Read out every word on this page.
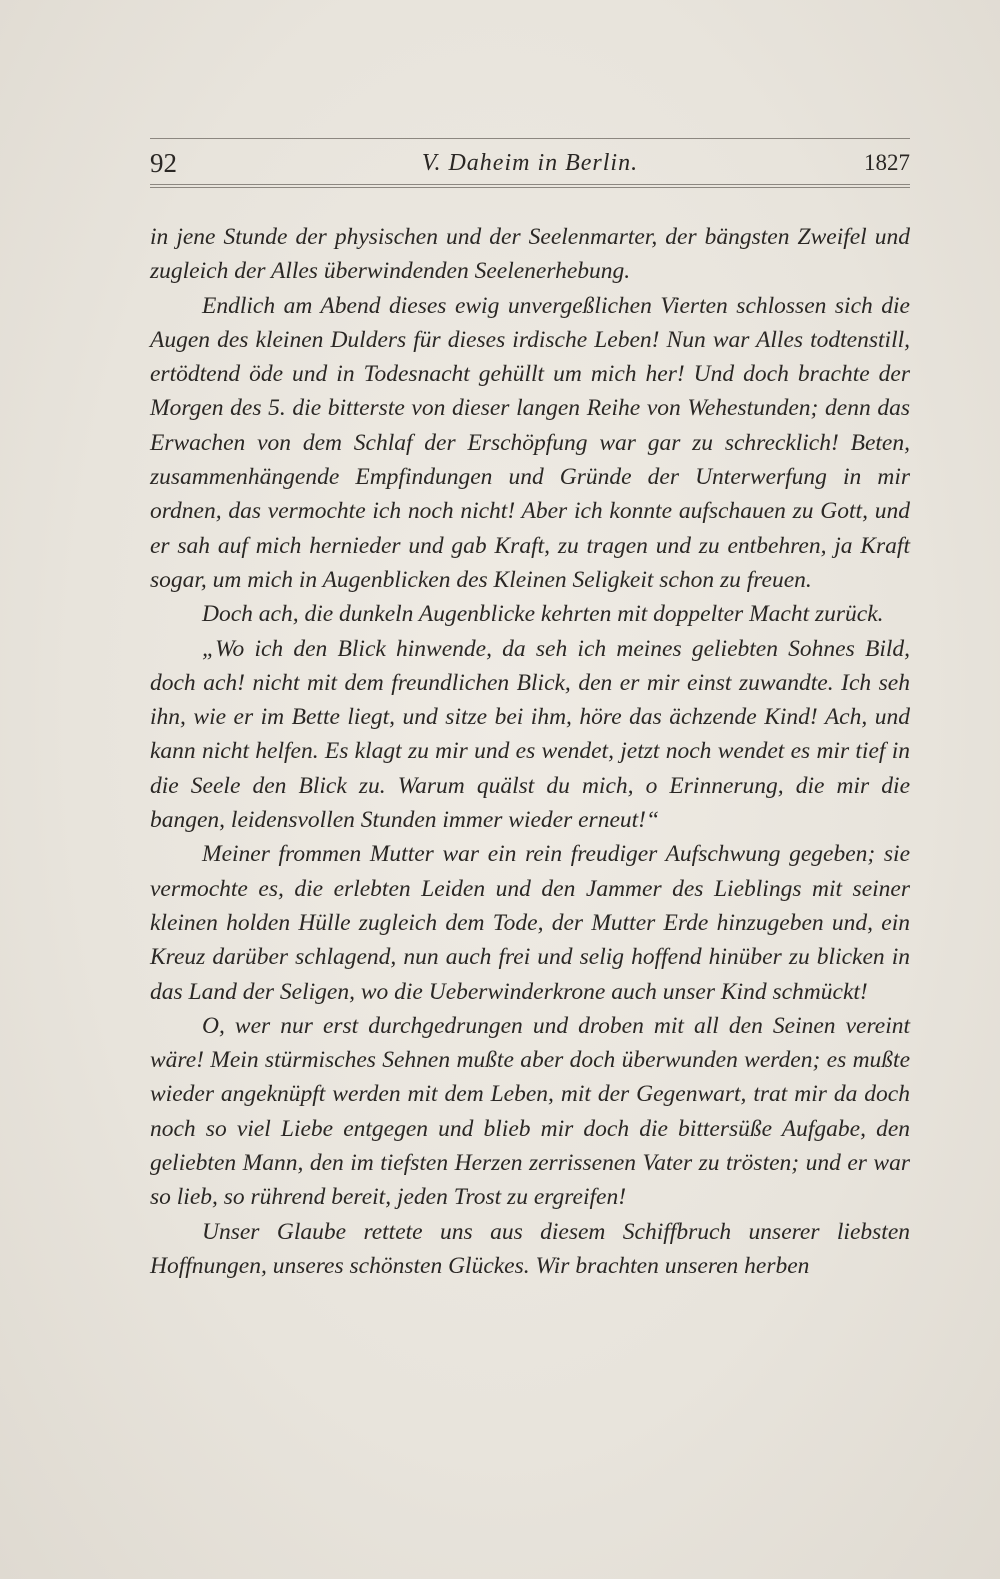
92	V. Daheim in Berlin.	1827

in jene Stunde der physischen und der Seelenmarter, der bängsten Zweifel und zugleich der Alles überwindenden Seelenerhebung.

Endlich am Abend dieses ewig unvergeßlichen Vierten schlossen sich die Augen des kleinen Dulders für dieses irdische Leben! Nun war Alles todtenstill, ertödtend öde und in Todesnacht gehüllt um mich her! Und doch brachte der Morgen des 5. die bitterste von dieser langen Reihe von Wehestunden; denn das Erwachen von dem Schlaf der Erschöpfung war gar zu schrecklich! Beten, zusammenhängende Empfindungen und Gründe der Unterwerfung in mir ordnen, das vermochte ich noch nicht! Aber ich konnte aufschauen zu Gott, und er sah auf mich hernieder und gab Kraft, zu tragen und zu entbehren, ja Kraft sogar, um mich in Augenblicken des Kleinen Seligkeit schon zu freuen.

Doch ach, die dunkeln Augenblicke kehrten mit doppelter Macht zurück.

„Wo ich den Blick hinwende, da seh ich meines geliebten Sohnes Bild, doch ach! nicht mit dem freundlichen Blick, den er mir einst zuwandte. Ich seh ihn, wie er im Bette liegt, und sitze bei ihm, höre das ächzende Kind! Ach, und kann nicht helfen. Es klagt zu mir und es wendet, jetzt noch wendet es mir tief in die Seele den Blick zu. Warum quälst du mich, o Erinnerung, die mir die bangen, leidensvollen Stunden immer wieder erneut!“

Meiner frommen Mutter war ein rein freudiger Aufschwung gegeben; sie vermochte es, die erlebten Leiden und den Jammer des Lieblings mit seiner kleinen holden Hülle zugleich dem Tode, der Mutter Erde hinzugeben und, ein Kreuz darüber schlagend, nun auch frei und selig hoffend hinüber zu blicken in das Land der Seligen, wo die Ueberwinderkrone auch unser Kind schmückt!

O, wer nur erst durchgedrungen und droben mit all den Seinen vereint wäre! Mein stürmisches Sehnen mußte aber doch überwunden werden; es mußte wieder angeknüpft werden mit dem Leben, mit der Gegenwart, trat mir da doch noch so viel Liebe entgegen und blieb mir doch die bittersüße Aufgabe, den geliebten Mann, den im tiefsten Herzen zerrissenen Vater zu trösten; und er war so lieb, so rührend bereit, jeden Trost zu ergreifen!

Unser Glaube rettete uns aus diesem Schiffbruch unserer liebsten Hoffnungen, unseres schönsten Glückes. Wir brachten unseren herben
